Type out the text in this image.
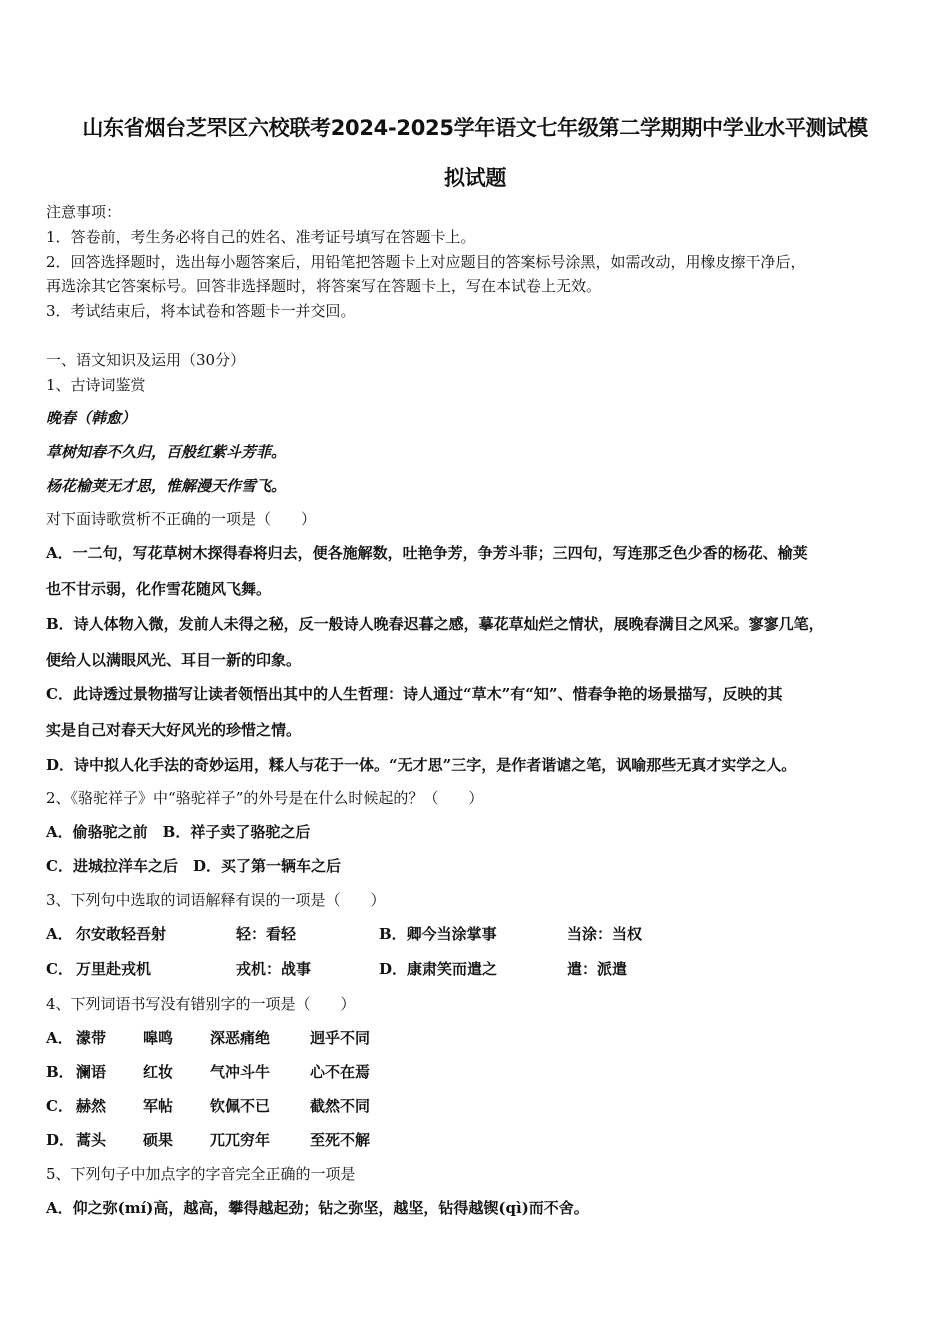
山东省烟台芝罘区六校联考2024-2025学年语文七年级第二学期期中学业水平测试模
拟试题
注意事项：
1．答卷前，考生务必将自己的姓名、准考证号填写在答题卡上。
2．回答选择题时，选出每小题答案后，用铅笔把答题卡上对应题目的答案标号涂黑，如需改动，用橡皮擦干净后，
再选涂其它答案标号。回答非选择题时，将答案写在答题卡上，写在本试卷上无效。
3．考试结束后，将本试卷和答题卡一并交回。
一、语文知识及运用（30分）
1、古诗词鉴赏
晚春（韩愈）
草树知春不久归，百般红紫斗芳菲。
杨花榆荚无才思，惟解漫天作雪飞。
对下面诗歌赏析不正确的一项是（　　）
A．一二句，写花草树木探得春将归去，便各施解数，吐艳争芳，争芳斗菲；三四句，写连那乏色少香的杨花、榆荚
也不甘示弱，化作雪花随风飞舞。
B．诗人体物入微，发前人未得之秘，反一般诗人晚春迟暮之感，摹花草灿烂之情状，展晚春满目之风采。寥寥几笔，
便给人以满眼风光、耳目一新的印象。
C．此诗透过景物描写让读者领悟出其中的人生哲理：诗人通过“草木”有“知”、惜春争艳的场景描写，反映的其
实是自己对春天大好风光的珍惜之情。
D．诗中拟人化手法的奇妙运用，糅人与花于一体。“无才思”三字，是作者谐谑之笔，讽喻那些无真才实学之人。
2、《骆驼祥子》中“骆驼祥子”的外号是在什么时候起的？（　　）
A．偷骆驼之前　B．祥子卖了骆驼之后
C．进城拉洋车之后　D．买了第一辆车之后
3、下列句中选取的词语解释有误的一项是（　　）
A． 尔安敢轻吾射	轻：看轻	B．卿今当涂掌事	当涂：当权
C． 万里赴戎机	戎机：战事	D．康肃笑而遣之	遣：派遣
4、下列词语书写没有错别字的一项是（　　）
A． 濛带 嗥鸣 深恶痛绝	迥乎不同
B． 澜语 红妆 气冲斗牛	心不在焉
C． 赫然 军帖 钦佩不已	截然不同
D． 蒿头 硕果 兀兀穷年	至死不解
5、下列句子中加点字的字音完全正确的一项是
A．仰之弥(mí)高，越高，攀得越起劲；钻之弥坚，越坚，钻得越锲(qì)而不舍。
